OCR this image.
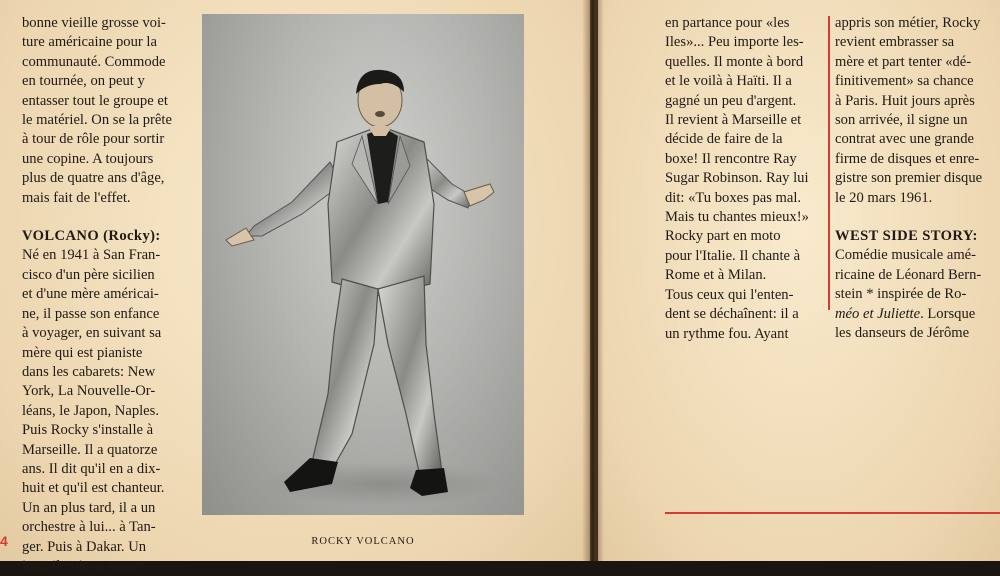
bonne vieille grosse voi-

ture américaine pour la

communauté. Commode

en tournée, on peut y

entasser tout le groupe et

le matériel. On se la prête

à tour de rôle pour sortir

une copine. A toujours

plus de quatre ans d'âge,

mais fait de l'effet.

VOLCANO (Rocky):

Né en 1941 à San Fran-

cisco d'un père sicilien

et d'une mère américai-

ne, il passe son enfance

à voyager, en suivant sa

mère qui est pianiste

dans les cabarets: New

York, La Nouvelle-Or-

léans, le Japon, Naples.

Puis Rocky s'installe à

Marseille. Il a quatorze

ans. Il dit qu'il en a dix-

huit et qu'il est chanteur.

Un an plus tard, il a un

orchestre à lui... à Tan-

ger. Puis à Dakar. Un

jour, il voit un cargo

ROCKY VOLCANO
4

en partance pour «les

Iles»... Peu importe les-

quelles. Il monte à bord

et le voilà à Haïti. Il a

gagné un peu d'argent.

Il revient à Marseille et

décide de faire de la

boxe! Il rencontre Ray

Sugar Robinson. Ray lui

dit: «Tu boxes pas mal.

Mais tu chantes mieux!»

Rocky part en moto

pour l'Italie. Il chante à

Rome et à Milan.

Tous ceux qui l'enten-

dent se déchaînent: il a

un rythme fou. Ayant

appris son métier, Rocky

revient embrasser sa

mère et part tenter «dé-

finitivement» sa chance

à Paris. Huit jours après

son arrivée, il signe un

contrat avec une grande

firme de disques et enre-

gistre son premier disque

le 20 mars 1961.

WEST SIDE STORY:

Comédie musicale amé-

ricaine de Léonard Bern-

stein * inspirée de Ro-

méo et Juliette. Lorsque

les danseurs de Jérôme
